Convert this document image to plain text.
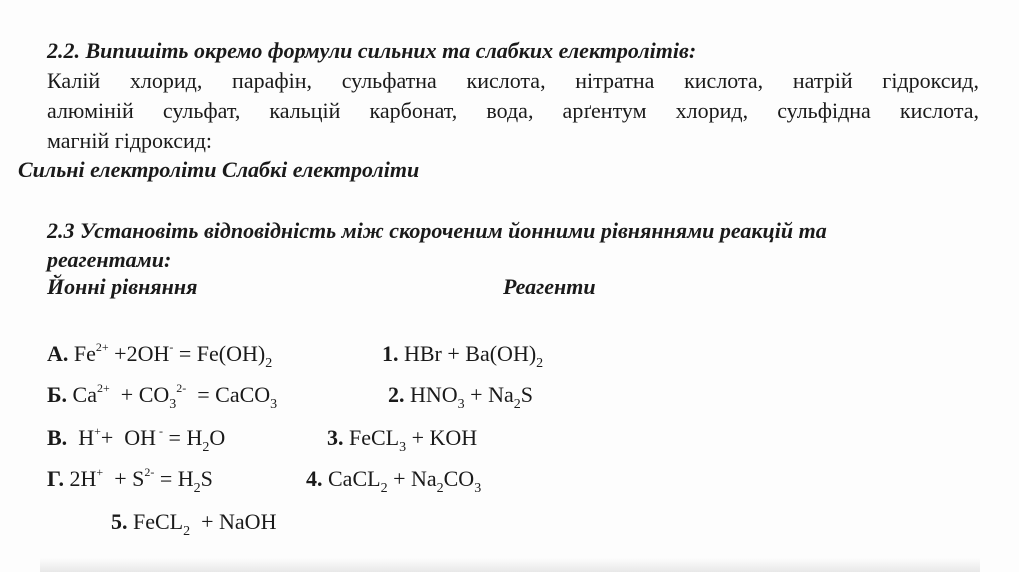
2.2. Випишіть окремо формули сильних та слабких електролітів:
Калій хлорид, парафін, сульфатна кислота, нітратна кислота, натрій гідроксид,
алюміній сульфат, кальцій карбонат, вода, арґентум хлорид, сульфідна кислота,
магній гідроксид:
Сильні електроліти Слабкі електроліти
2.3 Установіть відповідність між скороченим йонними рівняннями реакцій та
реагентами:
Йонні рівняння	Реагенти
А. $Fe^{2+} +2OH^- = Fe(OH)_2$
Б. $Ca^{2+} + CO_3^{2-}$  = CaCO$_3$
В.  H++  OH $^- = H_2O$
Г. $2H^+ + S^{2-} = H_2S$
1. HBr + $Ba(OH)_2$
2. $HNO_3 + Na_2S$
3. FeCL$_3$ + KOH
4. CaCL$_2$ + $Na_2CO_3$
5. FeCL$_2$  + NaOH
